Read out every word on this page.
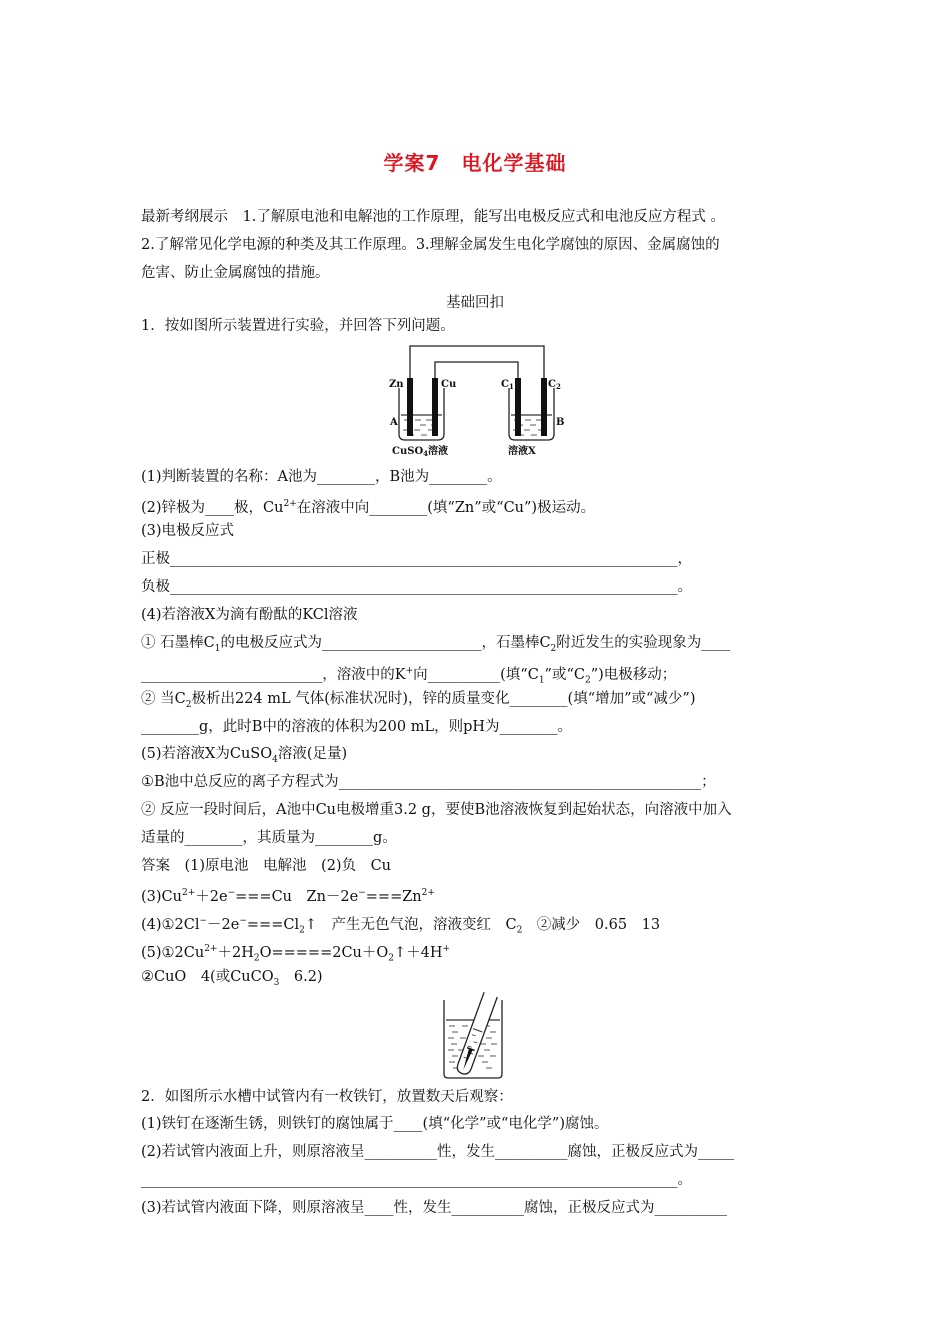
学案7　电化学基础
最新考纲展示　1.了解原电池和电解池的工作原理，能写出电极反应式和电池反应方程式 。
2.了解常见化学电源的种类及其工作原理。3.理解金属发生电化学腐蚀的原因、金属腐蚀的
危害、防止金属腐蚀的措施。
基础回扣
1．按如图所示装置进行实验，并回答下列问题。
Zn	Cu	$C_1$	$C_2$
A	B
CuSO$_4$溶液	溶液X
(1)判断装置的名称：A池为________，B池为________。
(2)锌极为____极，$Cu^{2+}$在溶液中向________(填“Zn”或“Cu”)极运动。
(3)电极反应式
正极______________________________________________________________________，
负极______________________________________________________________________。
(4)若溶液X为滴有酚酞的KCl溶液
① 石墨棒$C_1$的电极反应式为______________________，石墨棒$C_2$附近发生的实验现象为____
_________________________，溶液中的K+向__________(填“$C_1$”或“$C_2$”)电极移动；
② 当$C_2$极析出224 mL 气体(标准状况时)，锌的质量变化________(填“增加”或“减少”)
________g，此时B中的溶液的体积为200 mL，则pH为________。
(5)若溶液X为CuSO$_4$溶液(足量)
①B池中总反应的离子方程式为__________________________________________________；
② 反应一段时间后，A池中Cu电极增重3.2 g，要使B池溶液恢复到起始状态，向溶液中加入
适量的________，其质量为________g。
答案　(1)原电池　电解池　(2)负　Cu
$(3)Cu^{2+}+2e^-===Cu$　$Zn-2e^-===Zn^{2+}$
$(4)①2Cl^--2e^-===Cl_2↑$　产生无色气泡，溶液变红　$C_2$　②减少　0.65　13
$(5)①2Cu^{2+}+2H_2O=====2Cu+O_2↑+4H^+$
②CuO　4(或CuCO$_3$　6.2)
2．如图所示水槽中试管内有一枚铁钉，放置数天后观察：
(1)铁钉在逐渐生锈，则铁钉的腐蚀属于____(填“化学”或“电化学”)腐蚀。
(2)若试管内液面上升，则原溶液呈__________性，发生__________腐蚀，正极反应式为_____
__________________________________________________________________________。
(3)若试管内液面下降，则原溶液呈____性，发生__________腐蚀，正极反应式为__________
